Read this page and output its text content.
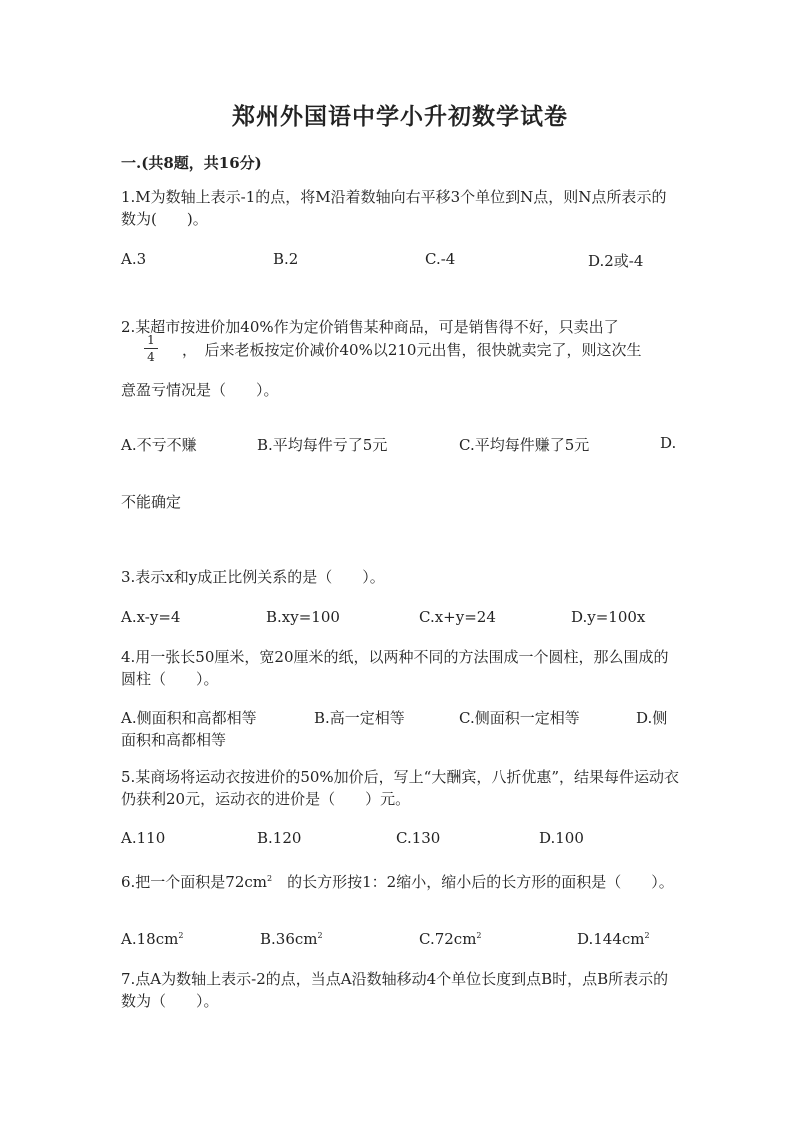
郑州外国语中学小升初数学试卷
一.(共8题，共16分)
1.M为数轴上表示-1的点，将M沿着数轴向右平移3个单位到N点，则N点所表示的数为(　　)。
A.3	B.2	C.-4	D.2或-4
2.某超市按进价加40%作为定价销售某种商品，可是销售得不好，只卖出了
1
4 ，　后来老板按定价减价40%以210元出售，很快就卖完了，则这次生
意盈亏情况是（　　）。
A.不亏不赚	B.平均每件亏了5元	C.平均每件赚了5元	D.
不能确定
3.表示x和y成正比例关系的是（　　）。
A.x-y=4	B.xy=100	C.x+y=24	D.y=100x
4.用一张长50厘米，宽20厘米的纸，以两种不同的方法围成一个圆柱，那么围成的圆柱（　　）。
A.侧面积和高都相等	B.高一定相等	C.侧面积一定相等	D.侧
面积和高都相等
5.某商场将运动衣按进价的50%加价后，写上“大酬宾，八折优惠”，结果每件运动衣仍获利20元，运动衣的进价是（　　）元。
A.110	B.120	C.130	D.100
6.把一个面积是$72cm^2$　 的长方形按1：2缩小，缩小后的长方形的面积是（　　）。
$A.18cm^2$	$B.36cm^2$	$C.72cm^2$	$D.144cm^2$
7.点A为数轴上表示-2的点，当点A沿数轴移动4个单位长度到点B时，点B所表示的数为（　　）。
